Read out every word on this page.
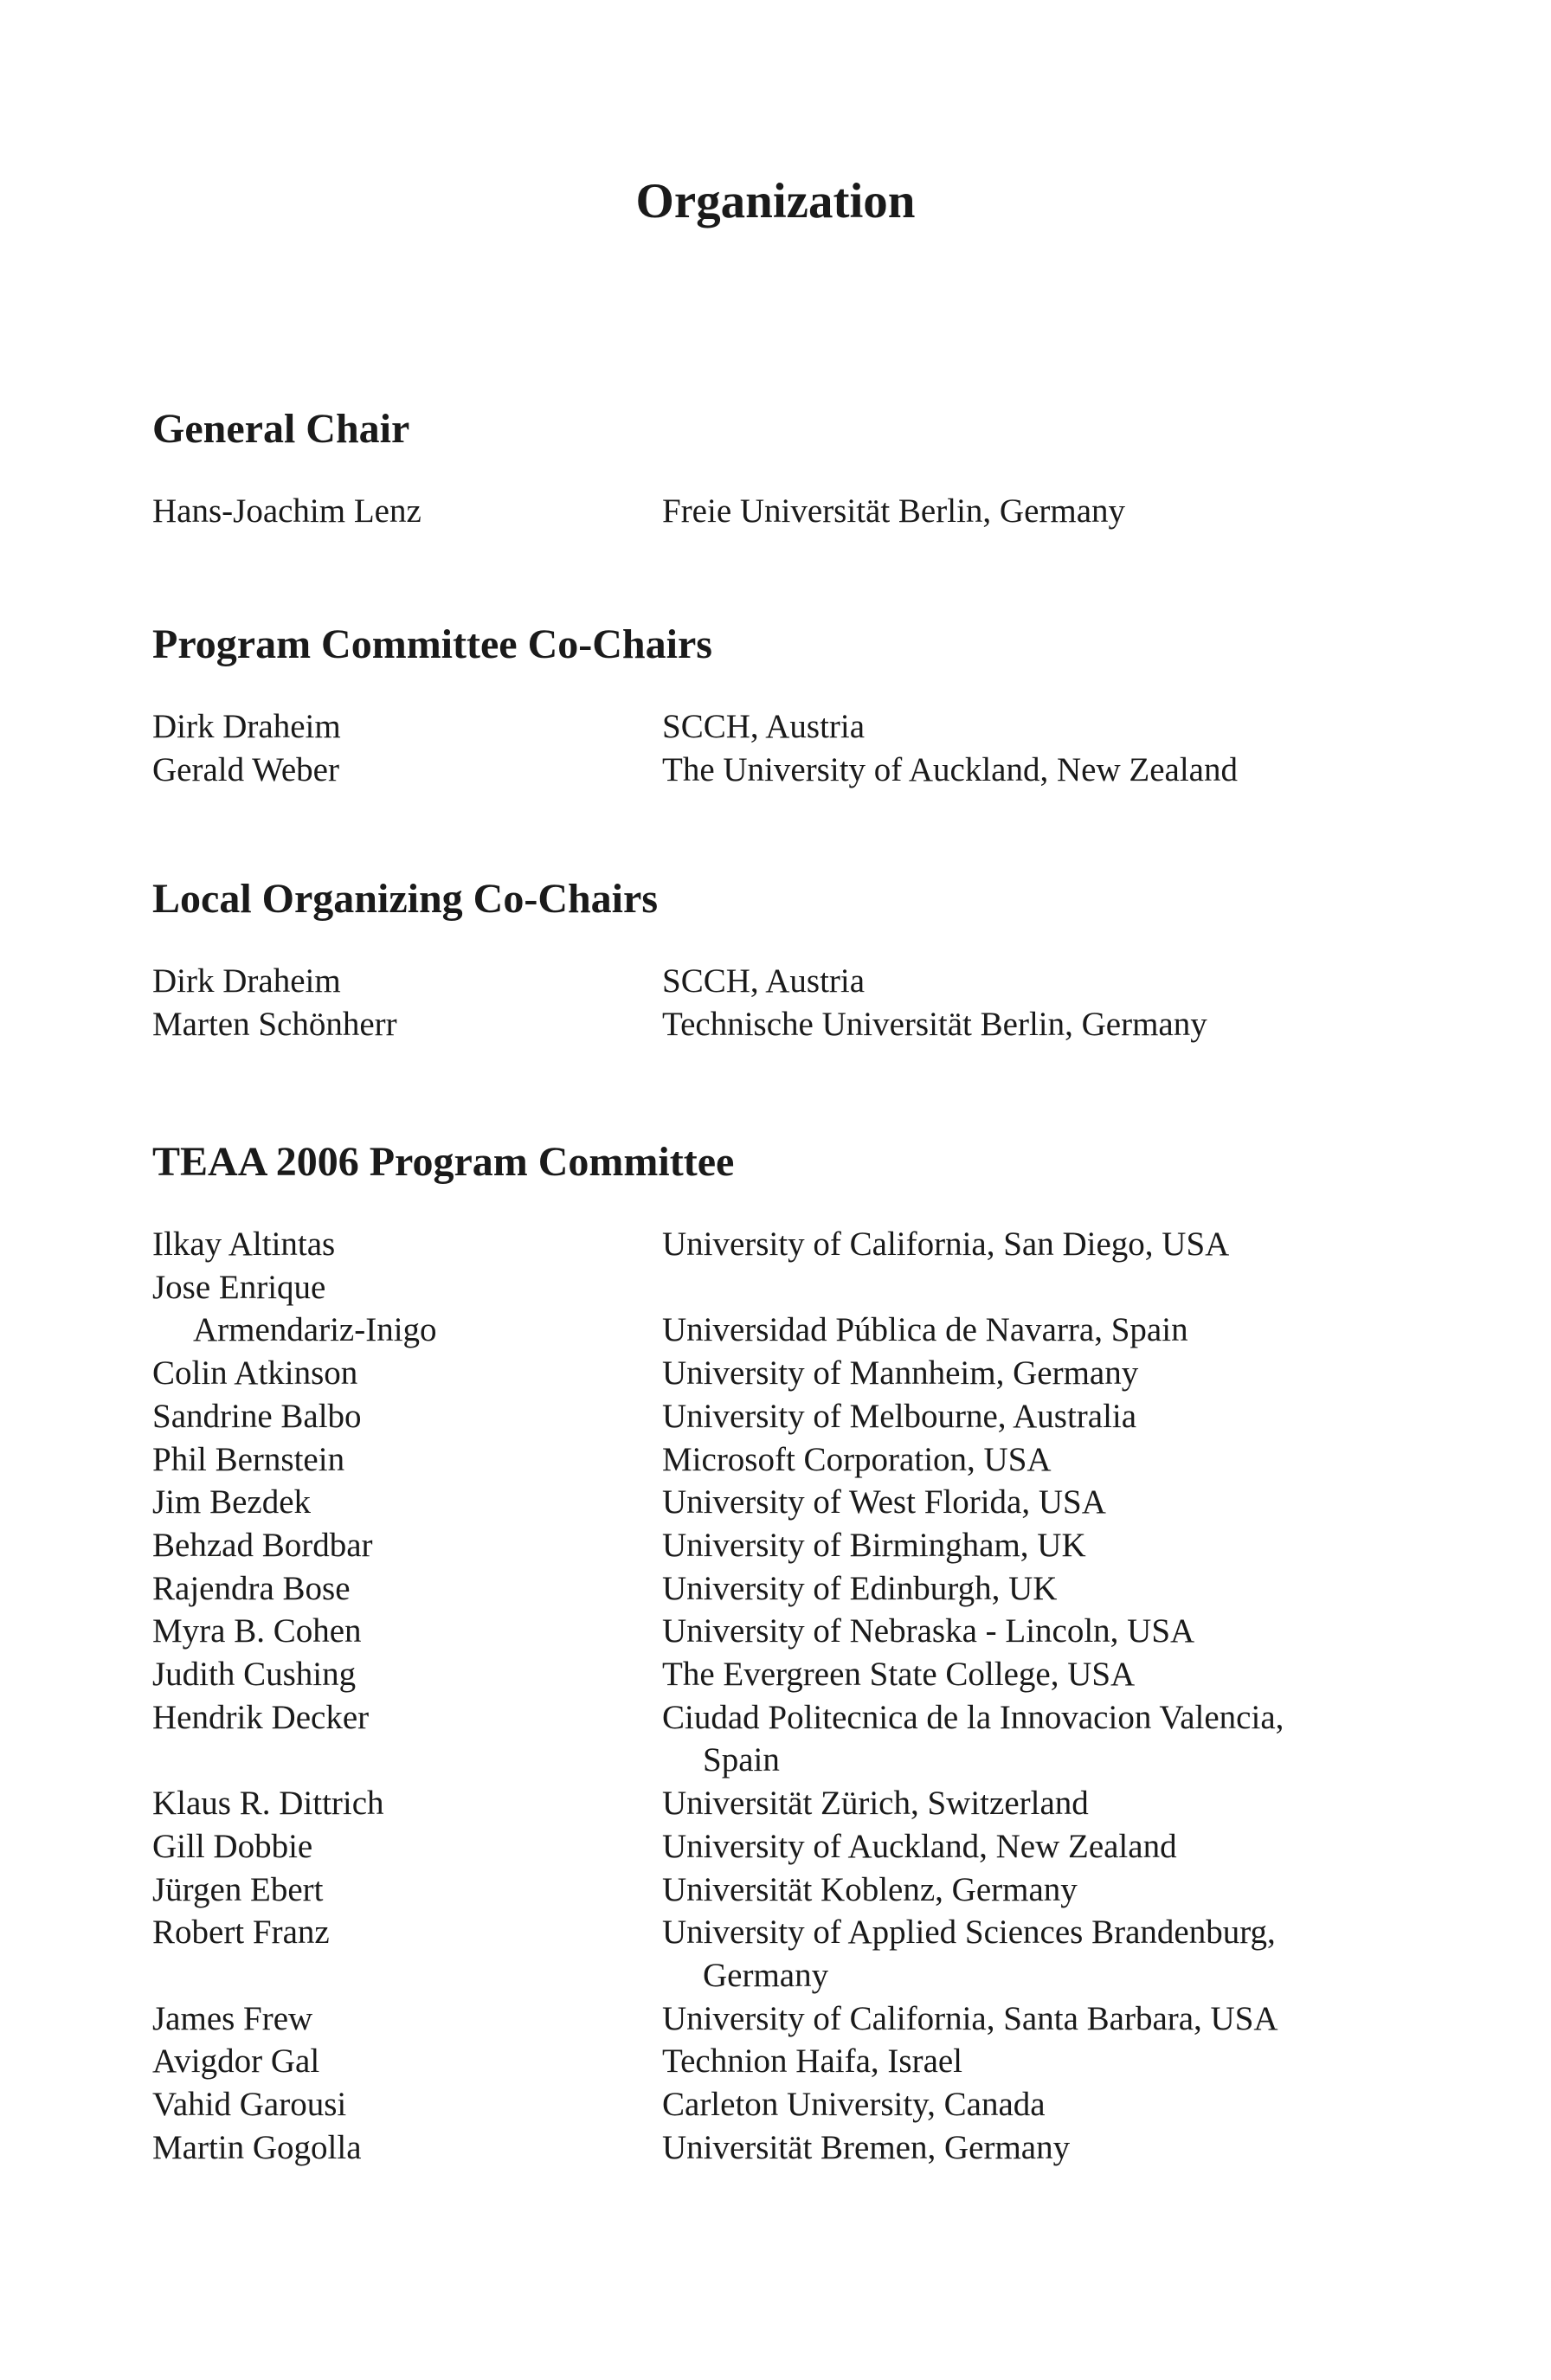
Organization
General Chair
Hans-Joachim Lenz	Freie Universität Berlin, Germany
Program Committee Co-Chairs
Dirk Draheim	SCCH, Austria
Gerald Weber	The University of Auckland, New Zealand
Local Organizing Co-Chairs
Dirk Draheim	SCCH, Austria
Marten Schönherr	Technische Universität Berlin, Germany
TEAA 2006 Program Committee
Ilkay Altintas	University of California, San Diego, USA
Jose Enrique
Armendariz-Inigo
	Universidad Pública de Navarra, Spain
Colin Atkinson	University of Mannheim, Germany
Sandrine Balbo	University of Melbourne, Australia
Phil Bernstein	Microsoft Corporation, USA
Jim Bezdek	University of West Florida, USA
Behzad Bordbar	University of Birmingham, UK
Rajendra Bose	University of Edinburgh, UK
Myra B. Cohen	University of Nebraska - Lincoln, USA
Judith Cushing	The Evergreen State College, USA
Hendrik Decker	Ciudad Politecnica de la Innovacion Valencia,
Spain
Klaus R. Dittrich	Universität Zürich, Switzerland
Gill Dobbie	University of Auckland, New Zealand
Jürgen Ebert	Universität Koblenz, Germany
Robert Franz	University of Applied Sciences Brandenburg,
Germany
James Frew	University of California, Santa Barbara, USA
Avigdor Gal	Technion Haifa, Israel
Vahid Garousi	Carleton University, Canada
Martin Gogolla	Universität Bremen, Germany
